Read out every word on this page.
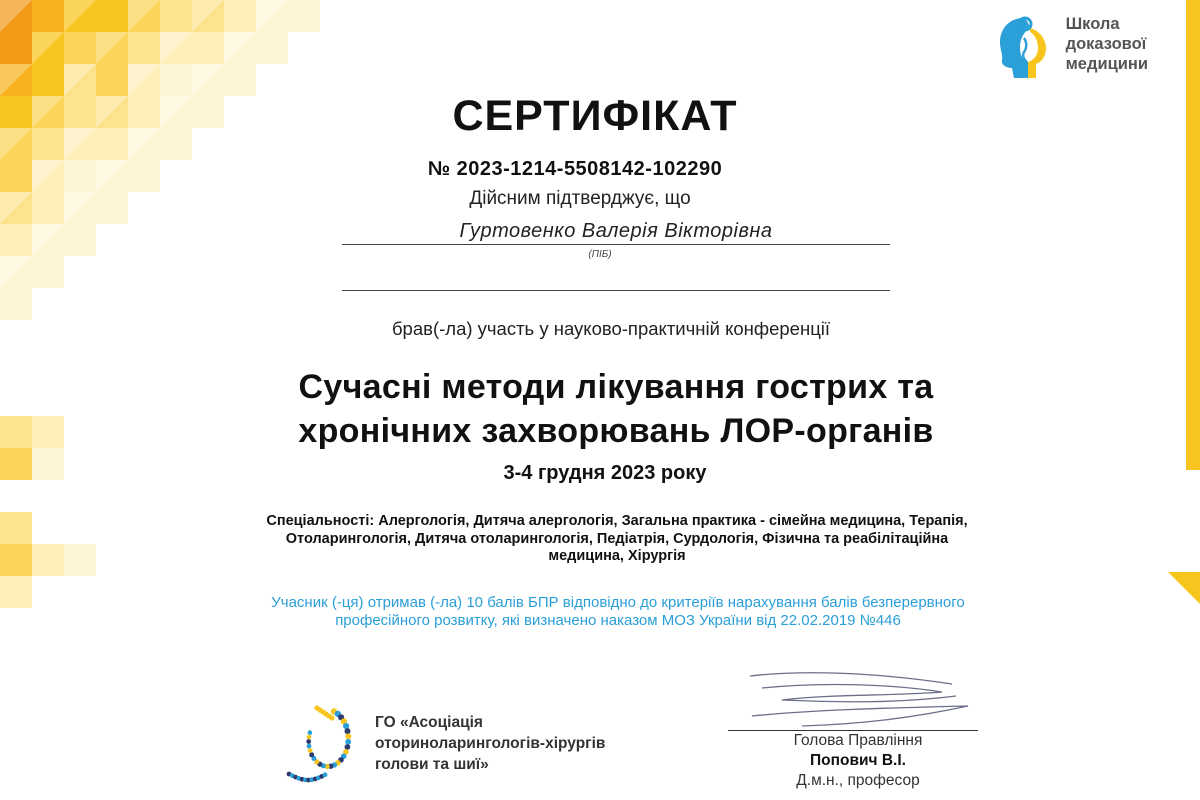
Школа
доказової
медицини
СЕРТИФІКАТ
№ 2023-1214-5508142-102290
Дійсним підтверджує, що
Гуртовенко Валерія Вікторівна
(ПІБ)
брав(-ла) участь у науково-практичній конференції
Сучасні методи лікування гострих та
хронічних захворювань ЛОР-органів
3-4 грудня 2023 року
Спеціальності: Алергологія, Дитяча алергологія, Загальна практика - сімейна медицина, Терапія,
Отоларингологія, Дитяча отоларингологія, Педіатрія, Сурдологія, Фізична та реабілітаційна
медицина, Хірургія
Учасник (-ця) отримав (-ла) 10 балів БПР відповідно до критеріїв нарахування балів безперервного
професійного розвитку, які визначено наказом МОЗ України від 22.02.2019 №446
ГО «Асоціація
оториноларингологів-хірургів
голови та шиї»
Голова Правління
Попович В.І.
Д.м.н., професор
